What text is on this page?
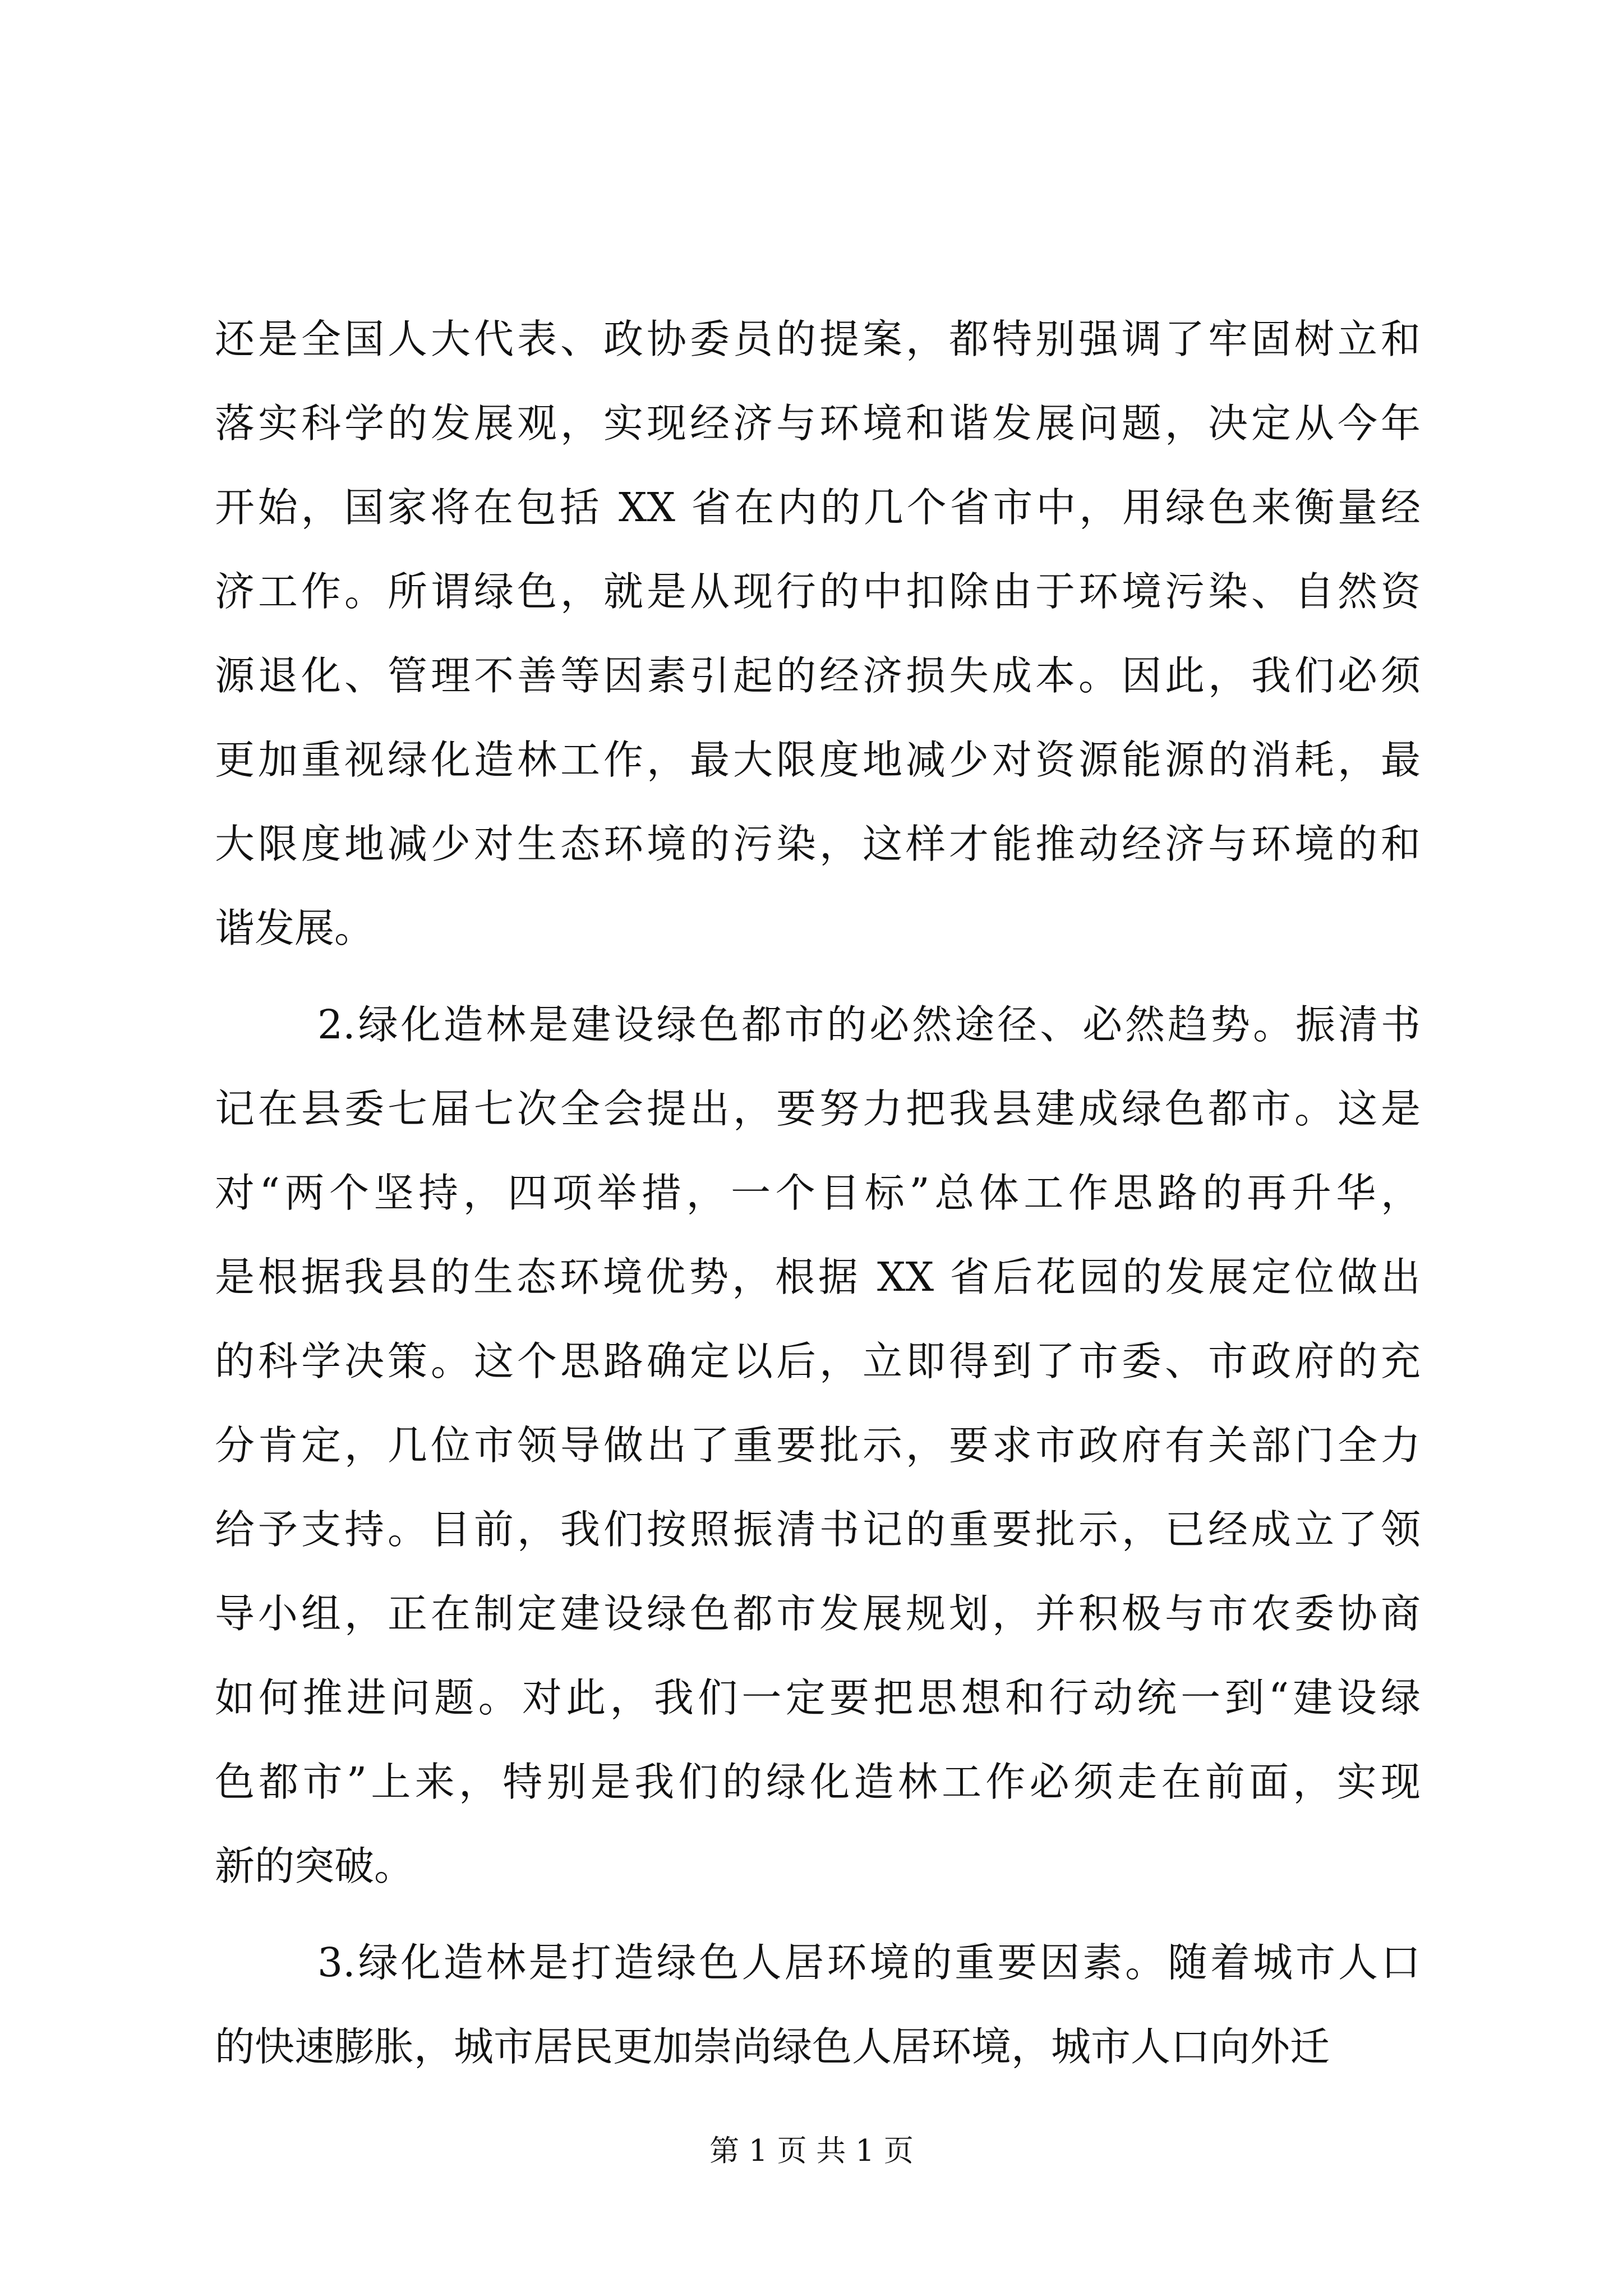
还是全国人大代表、政协委员的提案，都特别强调了牢固树立和
落实科学的发展观，实现经济与环境和谐发展问题，决定从今年
开始，国家将在包括 XX 省在内的几个省市中，用绿色来衡量经
济工作。所谓绿色，就是从现行的中扣除由于环境污染、自然资
源退化、管理不善等因素引起的经济损失成本。因此，我们必须
更加重视绿化造林工作，最大限度地减少对资源能源的消耗，最
大限度地减少对生态环境的污染，这样才能推动经济与环境的和
谐发展。
2.绿化造林是建设绿色都市的必然途径、必然趋势。振清书
记在县委七届七次全会提出，要努力把我县建成绿色都市。这是
对“两个坚持，四项举措，一个目标”总体工作思路的再升华，
是根据我县的生态环境优势，根据 XX 省后花园的发展定位做出
的科学决策。这个思路确定以后，立即得到了市委、市政府的充
分肯定，几位市领导做出了重要批示，要求市政府有关部门全力
给予支持。目前，我们按照振清书记的重要批示，已经成立了领
导小组，正在制定建设绿色都市发展规划，并积极与市农委协商
如何推进问题。对此，我们一定要把思想和行动统一到“建设绿
色都市”上来，特别是我们的绿化造林工作必须走在前面，实现
新的突破。
3.绿化造林是打造绿色人居环境的重要因素。随着城市人口
的快速膨胀，城市居民更加崇尚绿色人居环境，城市人口向外迁
第 1 页 共 1 页
